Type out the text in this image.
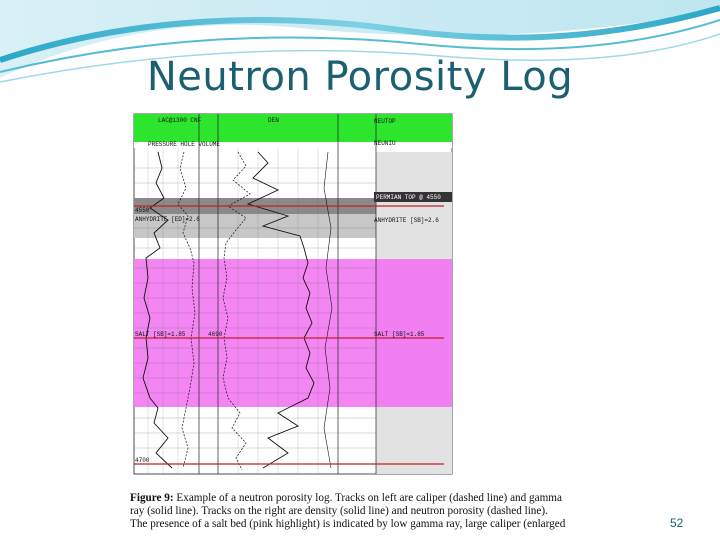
Neutron Porosity Log
LAC@1300 CNF	DEN
PRESSURE HOLE VOLUME
4550
ANHYDRITE [ED]=2.6
SALT [SB]=1.85	4690
4700
NEUTOP
NEUNIU
PERMIAN TOP @ 4550
ANHYDRITE [SB]=2.6
SALT [SB]=1.85
Figure 9: Example of a neutron porosity log. Tracks on left are caliper (dashed line) and gamma
ray (solid line). Tracks on the right are density (solid line) and neutron porosity (dashed line).
The presence of a salt bed (pink highlight) is indicated by low gamma ray, large caliper (enlarged	52
